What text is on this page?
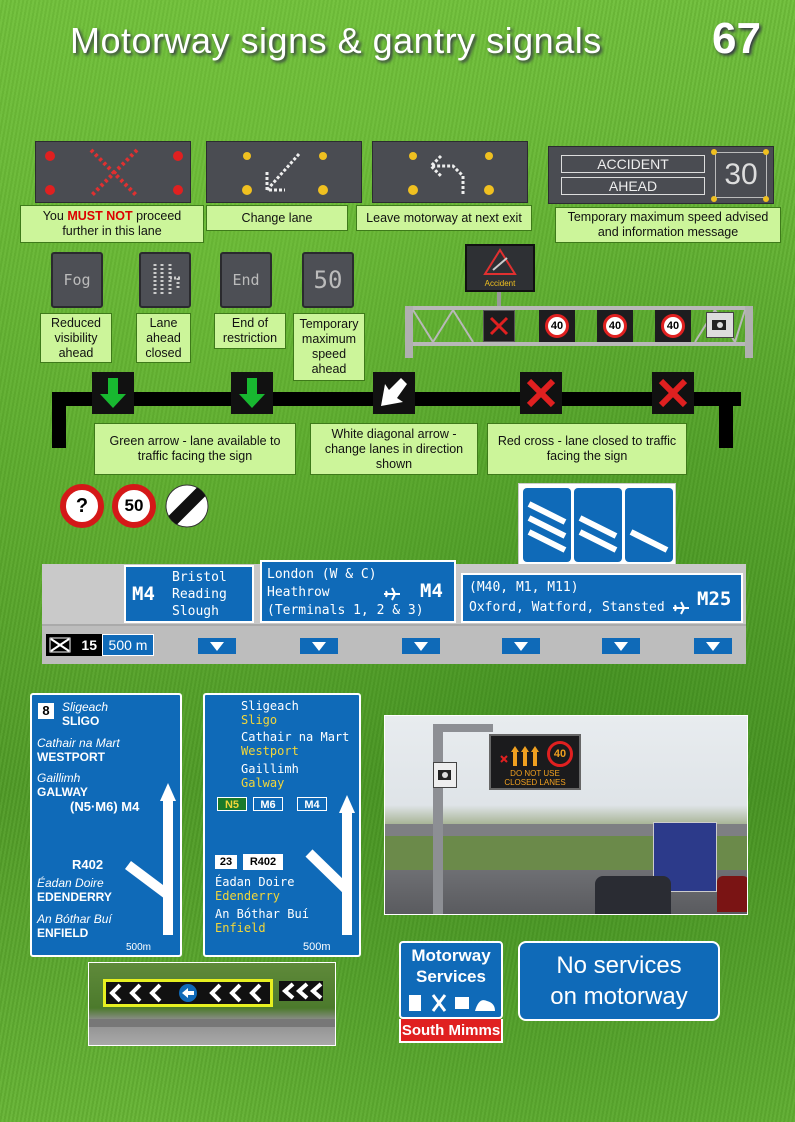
Motorway signs & gantry signals	67
You MUST NOT proceed further in this lane
Change lane	Leave motorway at next exit
ACCIDENT
AHEAD	30
Temporary maximum speed advised and information message
Fog
Reduced visibility ahead
Lane ahead closed
End
End of restriction
50
Temporary maximum speed ahead
Accident
40	40	40
Green arrow - lane available to traffic facing the sign
White diagonal arrow - change lanes in direction shown
Red cross - lane closed to traffic facing the sign
?	50
M4
Bristol
Reading
Slough
London (W & C)
Heathrow
(Terminals 1, 2 & 3)
M4 (M40, M1, M11)
Oxford, Watford, Stansted M25
15 500 m
8	Sligeach
SLIGO
Cathair na Mart
WESTPORT
Gaillimh
GALWAY
(N5·M6) M4
R402
Éadan Doire
EDENDERRY
An Bóthar Buí
ENFIELD
500m
Sligeach
Sligo
Cathair na Mart
Westport
Gaillimh
Galway
N5	M6	M4
23	R402
Éadan Doire
Edenderry
An Bóthar Buí
Enfield
500m
40
DO NOT USE
CLOSED LANES
Motorway
Services
South Mimms
No services
on motorway
